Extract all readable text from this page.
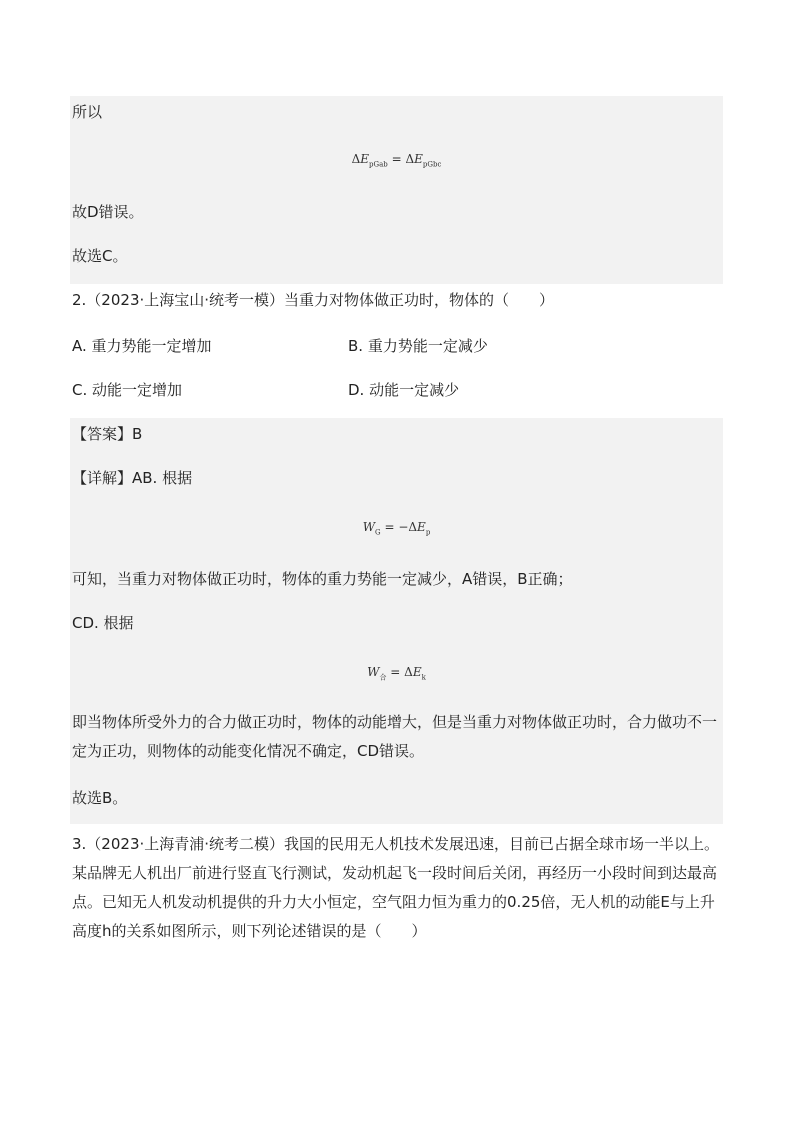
所以
$\Delta E_{pGab} = \Delta E_{pGbc}$
故D错误。
故选C。
2.（2023·上海宝山·统考一模）当重力对物体做正功时，物体的（　　）
A. 重力势能一定增加	B. 重力势能一定减少
C. 动能一定增加	D. 动能一定减少
【答案】B
【详解】AB. 根据
$W_G = -\Delta E_p$
可知，当重力对物体做正功时，物体的重力势能一定减少，A错误，B正确；
CD. 根据
$W_合 = \Delta E_k$
即当物体所受外力的合力做正功时，物体的动能增大，但是当重力对物体做正功时，合力做功不一定为正功，则物体的动能变化情况不确定，CD错误。
故选B。
3.（2023·上海青浦·统考二模）我国的民用无人机技术发展迅速，目前已占据全球市场一半以上。某品牌无人机出厂前进行竖直飞行测试，发动机起飞一段时间后关闭，再经历一小段时间到达最高点。已知无人机发动机提供的升力大小恒定，空气阻力恒为重力的0.25倍，无人机的动能E与上升高度h的关系如图所示，则下列论述错误的是（　　）
